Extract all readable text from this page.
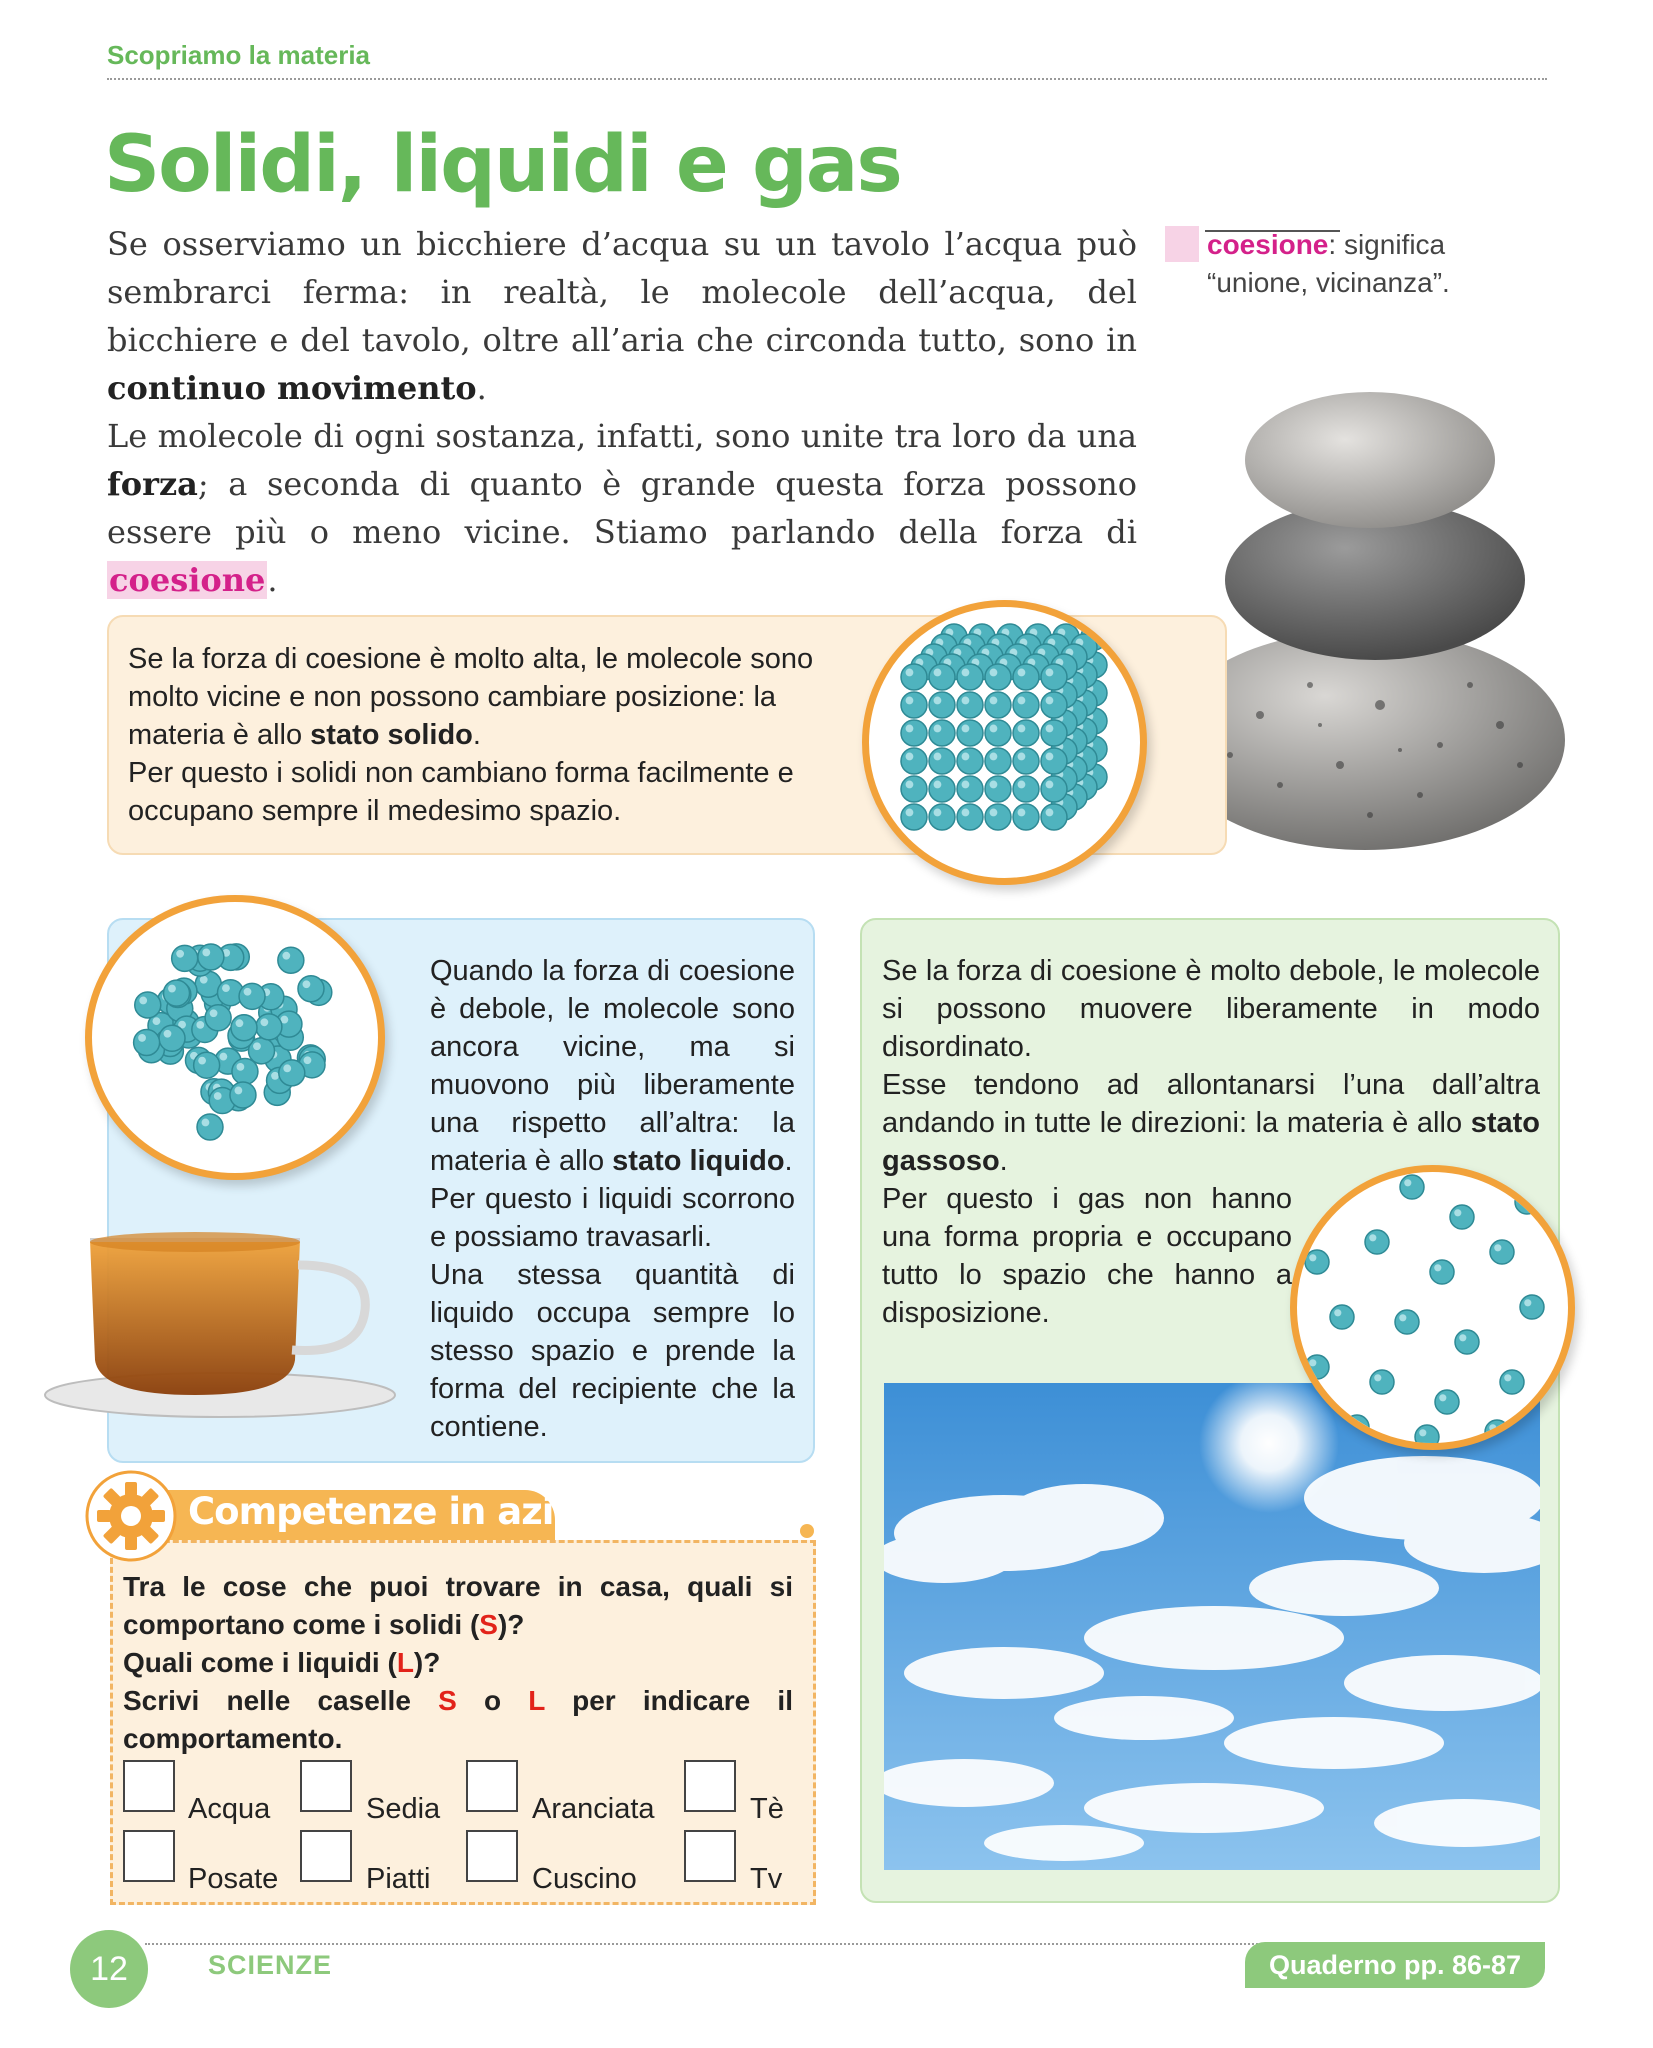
Scopriamo la materia
Solidi, liquidi e gas
Se osserviamo un bicchiere d’acqua su un tavolo l’acqua può sembrarci ferma: in realtà, le molecole dell’acqua, del bicchiere e del tavolo, oltre all’aria che circonda tutto, sono in continuo movimento.
Le molecole di ogni sostanza, infatti, sono unite tra loro da una forza; a seconda di quanto è grande questa forza possono essere più o meno vicine. Stiamo parlando della forza di coesione.
coesione: significa “unione, vicinanza”.
Se la forza di coesione è molto alta, le molecole sono molto vicine e non possono cambiare posizione: la materia è allo stato solido.
Per questo i solidi non cambiano forma facilmente e occupano sempre il medesimo spazio.
Quando la forza di coesione è debole, le molecole sono ancora vicine, ma si muovono più liberamente una rispetto all’altra: la materia è allo stato liquido.
Per questo i liquidi scorrono e possiamo travasarli.
Una stessa quantità di liquido occupa sempre lo stesso spazio e prende la forma del recipiente che la contiene.
Se la forza di coesione è molto debole, le molecole si possono muovere liberamente in modo disordinato.
Esse tendono ad allontanarsi l’una dall’altra andando in tutte le direzioni: la materia è allo stato gassoso.
Per questo i gas non hanno una forma propria e occupano tutto lo spazio che hanno a disposizione.
Competenze in azione
Tra le cose che puoi trovare in casa, quali si comportano come i solidi (S)?
Quali come i liquidi (L)?
Scrivi nelle caselle S o L per indicare il comportamento.
Acqua	Sedia	Aranciata	Tè
Posate	Piatti	Cuscino	Tv
12	SCIENZE	Quaderno pp. 86-87
